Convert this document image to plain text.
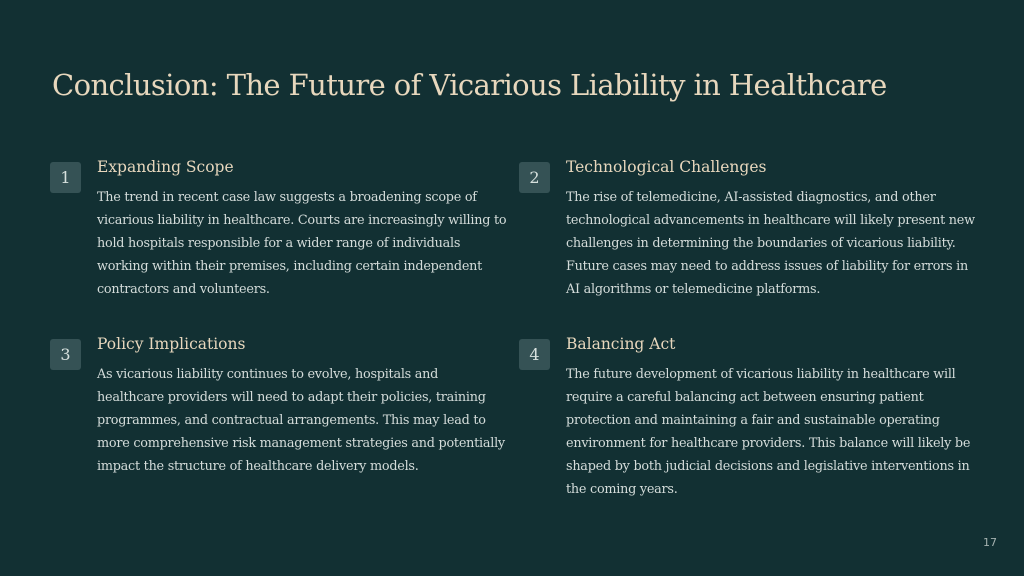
Conclusion: The Future of Vicarious Liability in Healthcare
1
Expanding Scope

The trend in recent case law suggests a broadening scope of vicarious liability in healthcare. Courts are increasingly willing to hold hospitals responsible for a wider range of individuals working within their premises, including certain independent contractors and volunteers.

2
Technological Challenges

The rise of telemedicine, AI-assisted diagnostics, and other technological advancements in healthcare will likely present new challenges in determining the boundaries of vicarious liability. Future cases may need to address issues of liability for errors in AI algorithms or telemedicine platforms.

3
Policy Implications

As vicarious liability continues to evolve, hospitals and healthcare providers will need to adapt their policies, training programmes, and contractual arrangements. This may lead to more comprehensive risk management strategies and potentially impact the structure of healthcare delivery models.

4
Balancing Act

The future development of vicarious liability in healthcare will require a careful balancing act between ensuring patient protection and maintaining a fair and sustainable operating environment for healthcare providers. This balance will likely be shaped by both judicial decisions and legislative interventions in the coming years.

17
